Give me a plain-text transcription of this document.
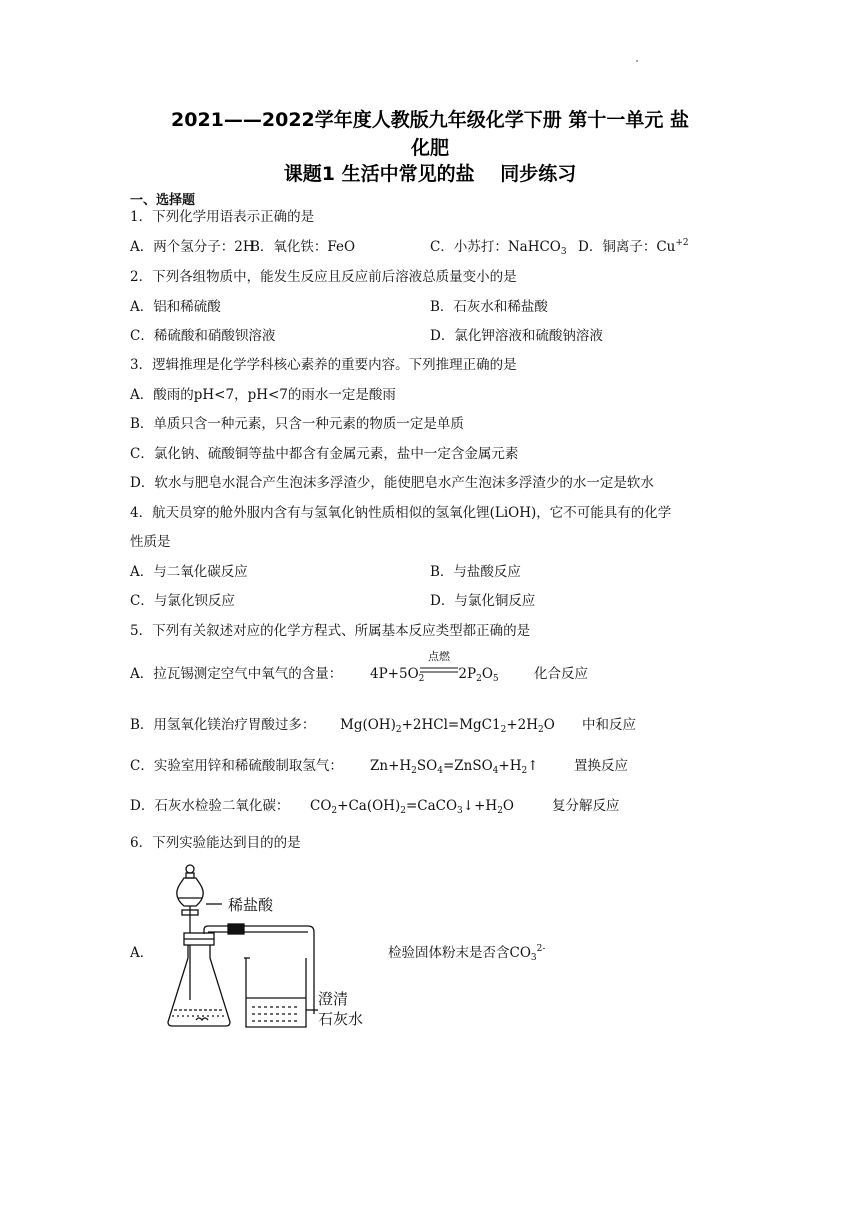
2021——2022学年度人教版九年级化学下册 第十一单元 盐
化肥
课题1 生活中常见的盐　 同步练习
一、选择题
1．下列化学用语表示正确的是
A．两个氢分子：2H
B．氧化铁：FeO	C．小苏打：NaHCO$_3$ D．铜离子：$Cu^{+2}$
2．下列各组物质中，能发生反应且反应前后溶液总质量变小的是
A．铝和稀硫酸	B．石灰水和稀盐酸
C．稀硫酸和硝酸钡溶液	D．氯化钾溶液和硫酸钠溶液
3．逻辑推理是化学学科核心素养的重要内容。下列推理正确的是
A．酸雨的pH<7，pH<7的雨水一定是酸雨
B．单质只含一种元素，只含一种元素的物质一定是单质
C．氯化钠、硫酸铜等盐中都含有金属元素，盐中一定含金属元素
D．软水与肥皂水混合产生泡沫多浮渣少，能使肥皂水产生泡沫多浮渣少的水一定是软水
4．航天员穿的舱外服内含有与氢氧化钠性质相似的氢氧化锂(LiOH)，它不可能具有的化学
性质是
A．与二氧化碳反应	B．与盐酸反应
C．与氯化钡反应	D．与氯化铜反应
5．下列有关叙述对应的化学方程式、所属基本反应类型都正确的是
A．拉瓦锡测定空气中氧气的含量： $4P+5O_2$	$2P_2O_5$
点燃
化合反应
B．用氢氧化镁治疗胃酸过多： $Mg(OH)_2+2HCl=MgC1_2+2H_2O$ 中和反应
C．实验室用锌和稀硫酸制取氢气： $Zn+H_2SO_4=ZnSO_4+H_2↑$	置换反应
D．石灰水检验二氧化碳： $CO_2+Ca(OH)_2=CaCO_3↓+H_2O$	复分解反应
6．下列实验能达到目的的是
A．	检验固体粉末是否含$CO_3^{2-}$
稀盐酸
澄清
石灰水
